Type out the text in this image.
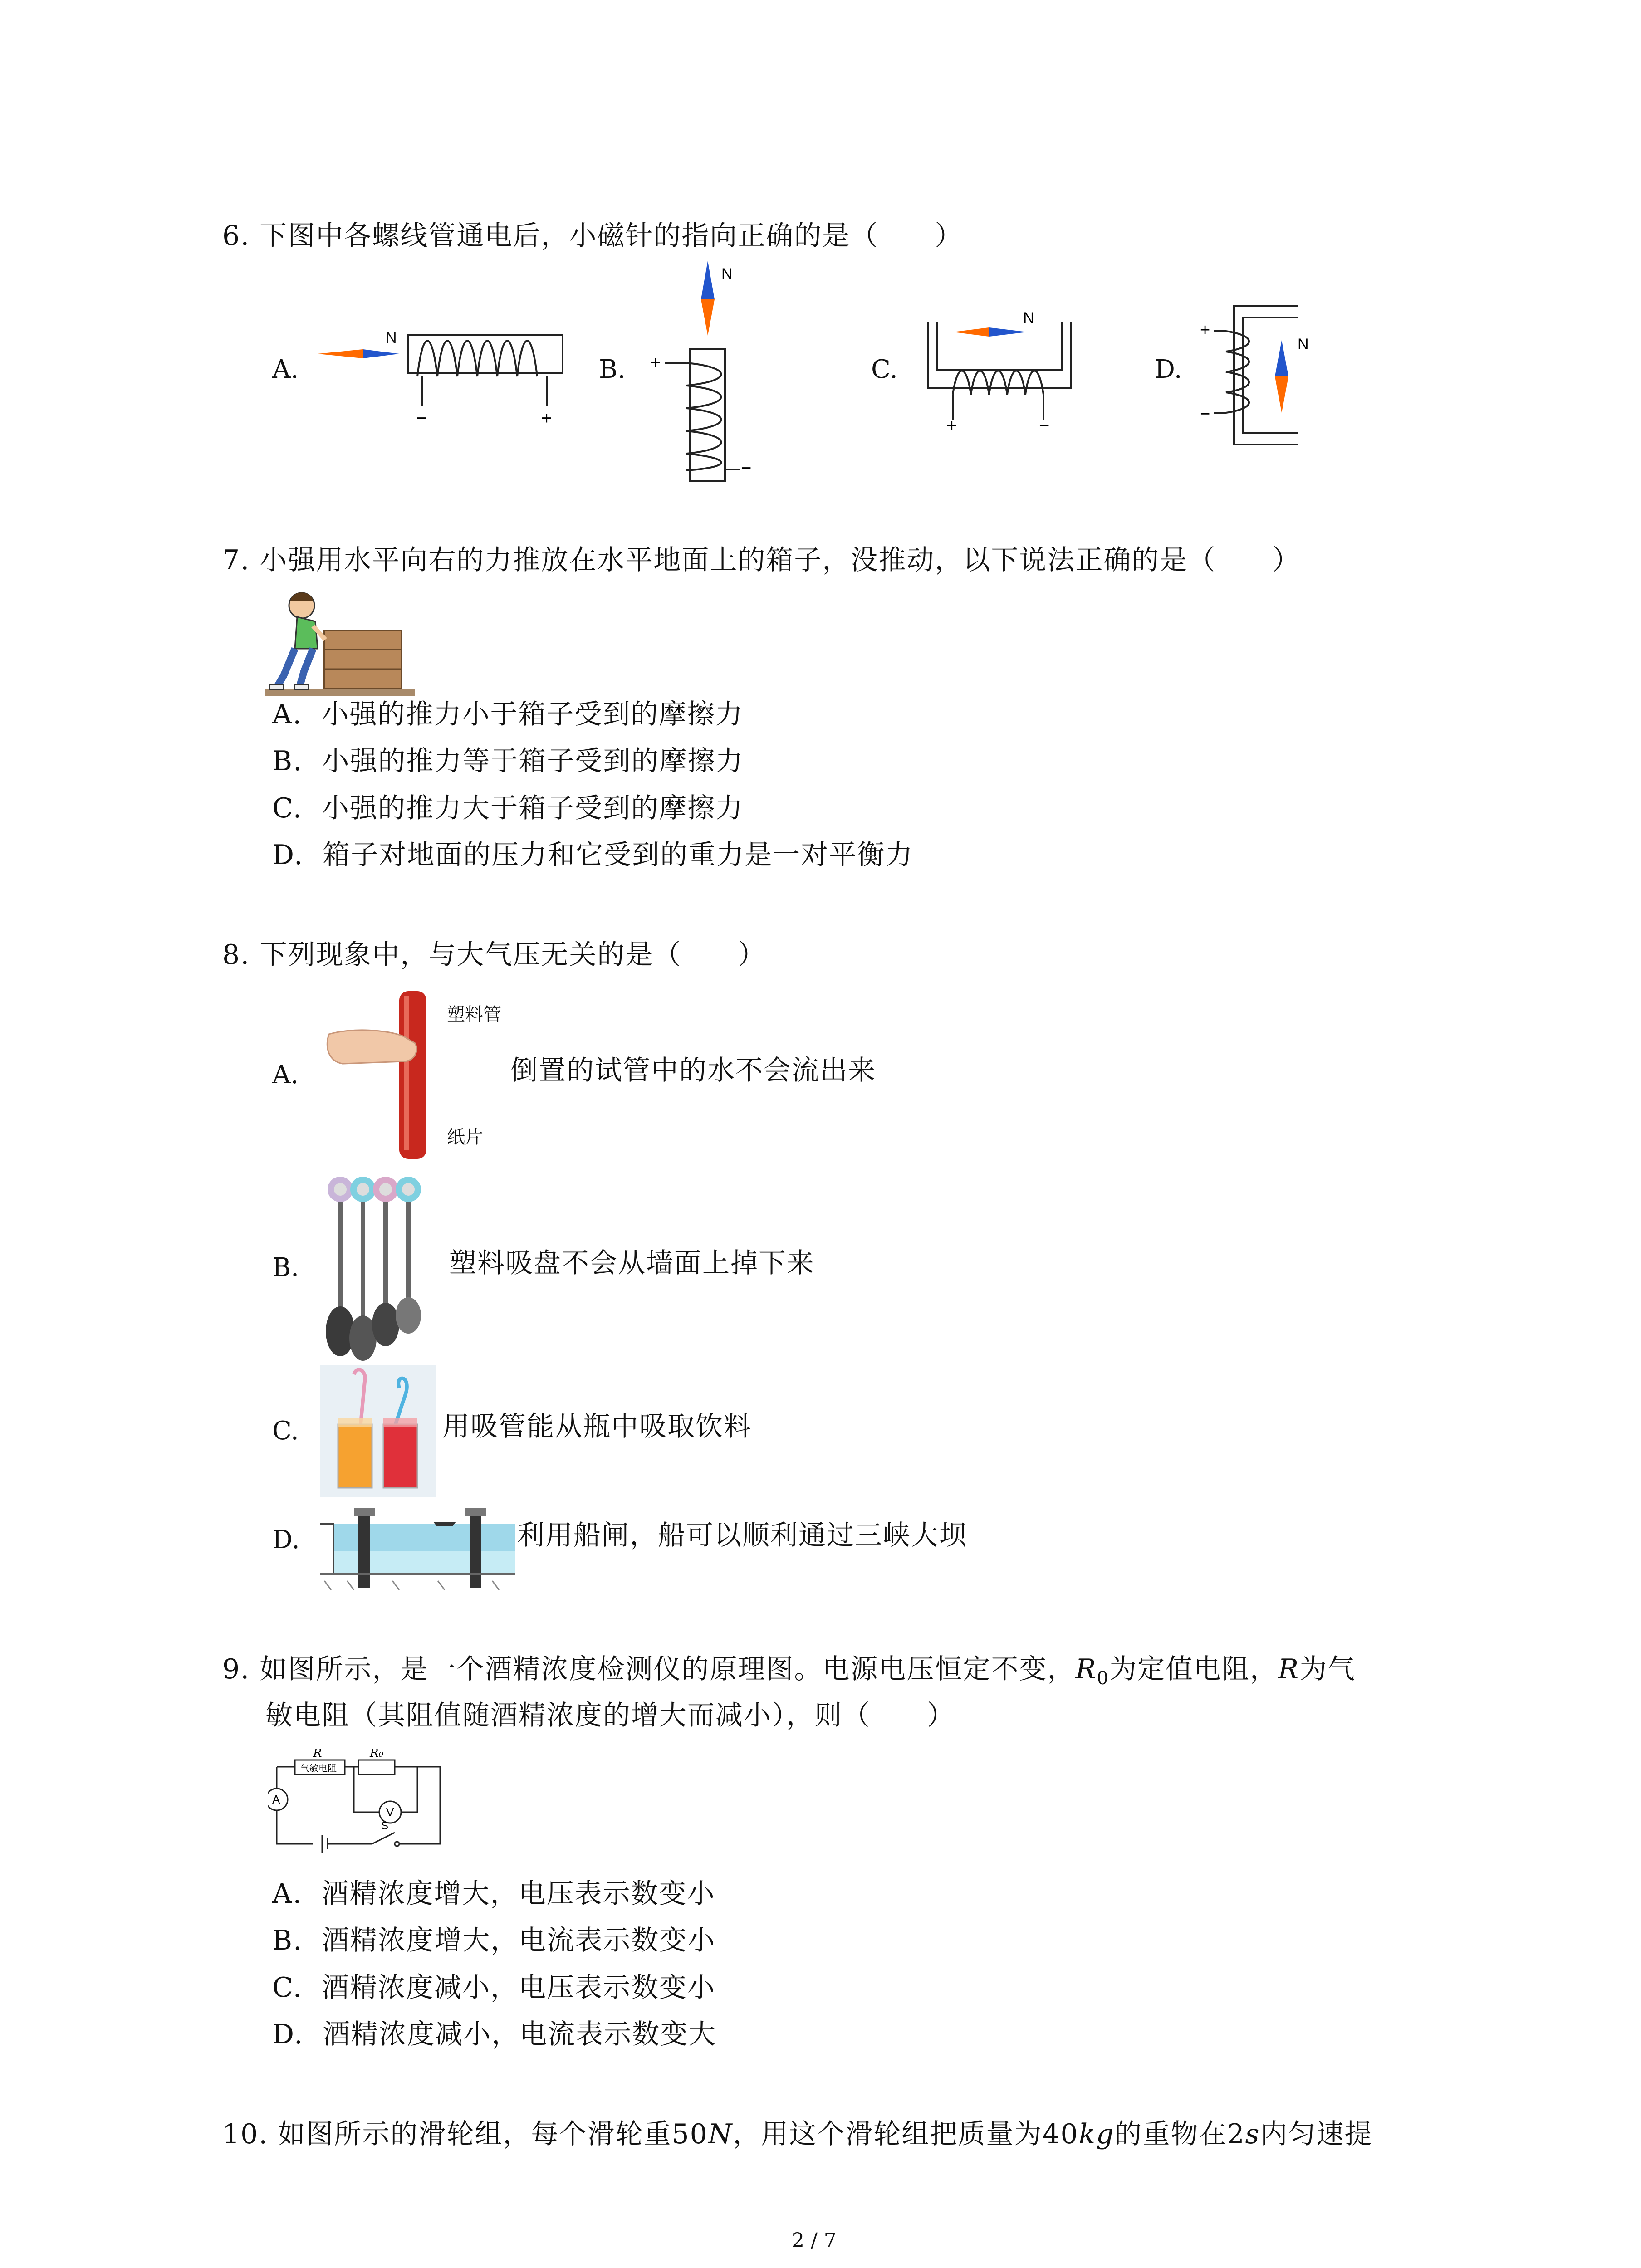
6. 下图中各螺线管通电后，小磁针的指向正确的是（　　）
A.
N
−	+
B.
N
+
−
C.
N
+	−
D.
+
−
N
7. 小强用水平向右的力推放在水平地面上的箱子，没推动，以下说法正确的是（　　）
A. 小强的推力小于箱子受到的摩擦力
B. 小强的推力等于箱子受到的摩擦力
C. 小强的推力大于箱子受到的摩擦力
D. 箱子对地面的压力和它受到的重力是一对平衡力
8. 下列现象中，与大气压无关的是（　　）
A.
塑料管
纸片
倒置的试管中的水不会流出来
B.	塑料吸盘不会从墙面上掉下来
C.	用吸管能从瓶中吸取饮料
D.	利用船闸，船可以顺利通过三峡大坝
9. 如图所示，是一个酒精浓度检测仪的原理图。电源电压恒定不变，$R_0$为定值电阻，R为气
敏电阻（其阻值随酒精浓度的增大而减小），则（　　）
R
气敏电阻
R₀
A
V
S
A. 酒精浓度增大，电压表示数变小
B. 酒精浓度增大，电流表示数变小
C. 酒精浓度减小，电压表示数变小
D. 酒精浓度减小，电流表示数变大
10. 如图所示的滑轮组，每个滑轮重50N，用这个滑轮组把质量为40kg的重物在2s内匀速提
2 / 7
